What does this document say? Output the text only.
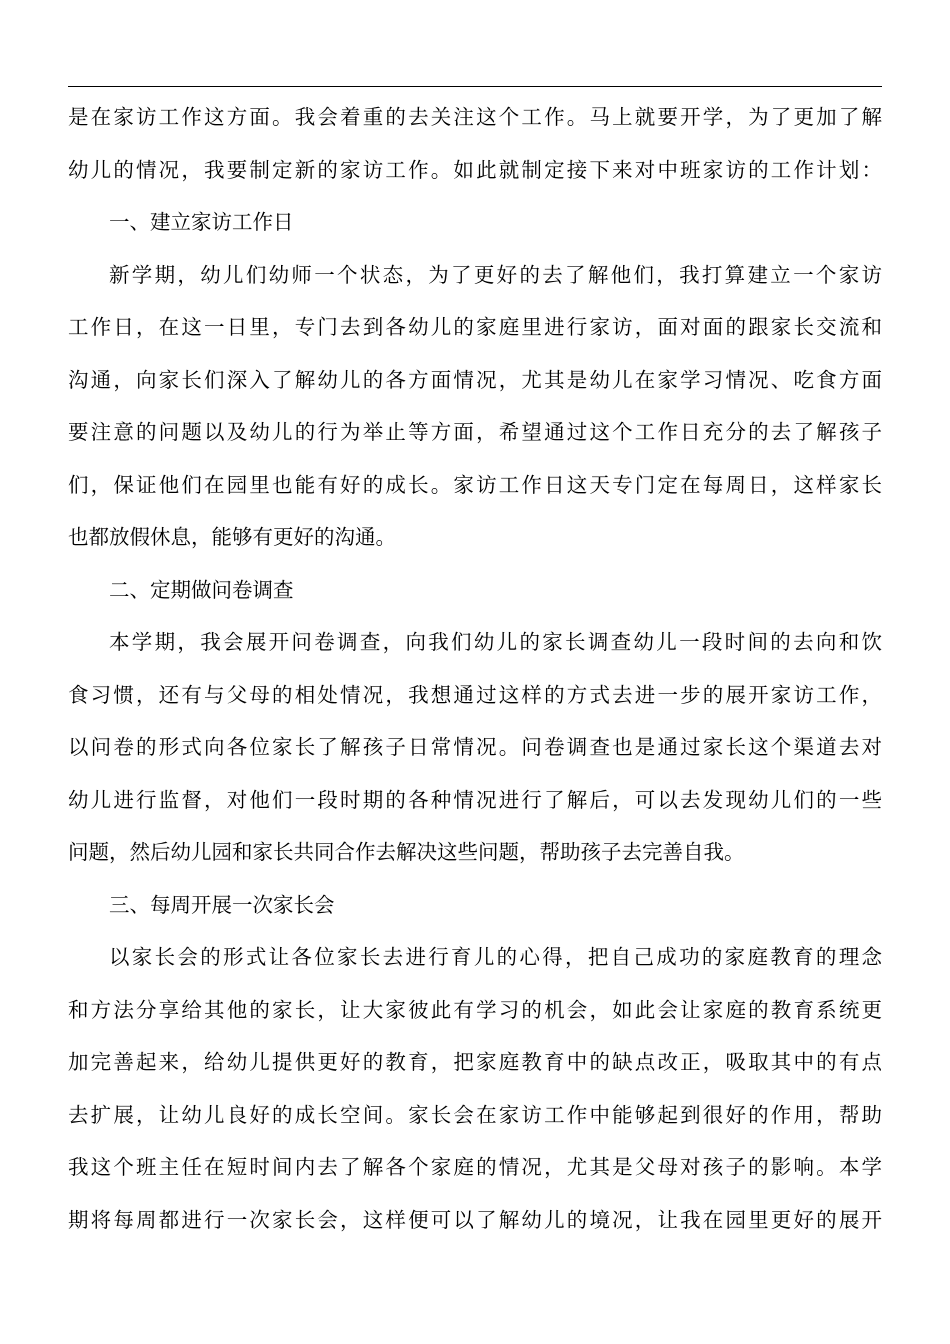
是在家访工作这方面。我会着重的去关注这个工作。马上就要开学，为了更加了解
幼儿的情况，我要制定新的家访工作。如此就制定接下来对中班家访的工作计划：

一、建立家访工作日

新学期，幼儿们幼师一个状态，为了更好的去了解他们，我打算建立一个家访
工作日，在这一日里，专门去到各幼儿的家庭里进行家访，面对面的跟家长交流和
沟通，向家长们深入了解幼儿的各方面情况，尤其是幼儿在家学习情况、吃食方面
要注意的问题以及幼儿的行为举止等方面，希望通过这个工作日充分的去了解孩子
们，保证他们在园里也能有好的成长。家访工作日这天专门定在每周日，这样家长
也都放假休息，能够有更好的沟通。

二、定期做问卷调查

本学期，我会展开问卷调查，向我们幼儿的家长调查幼儿一段时间的去向和饮
食习惯，还有与父母的相处情况，我想通过这样的方式去进一步的展开家访工作，
以问卷的形式向各位家长了解孩子日常情况。问卷调查也是通过家长这个渠道去对
幼儿进行监督，对他们一段时期的各种情况进行了解后，可以去发现幼儿们的一些
问题，然后幼儿园和家长共同合作去解决这些问题，帮助孩子去完善自我。

三、每周开展一次家长会

以家长会的形式让各位家长去进行育儿的心得，把自己成功的家庭教育的理念
和方法分享给其他的家长，让大家彼此有学习的机会，如此会让家庭的教育系统更
加完善起来，给幼儿提供更好的教育，把家庭教育中的缺点改正，吸取其中的有点
去扩展，让幼儿良好的成长空间。家长会在家访工作中能够起到很好的作用，帮助
我这个班主任在短时间内去了解各个家庭的情况，尤其是父母对孩子的影响。本学
期将每周都进行一次家长会，这样便可以了解幼儿的境况，让我在园里更好的展开
